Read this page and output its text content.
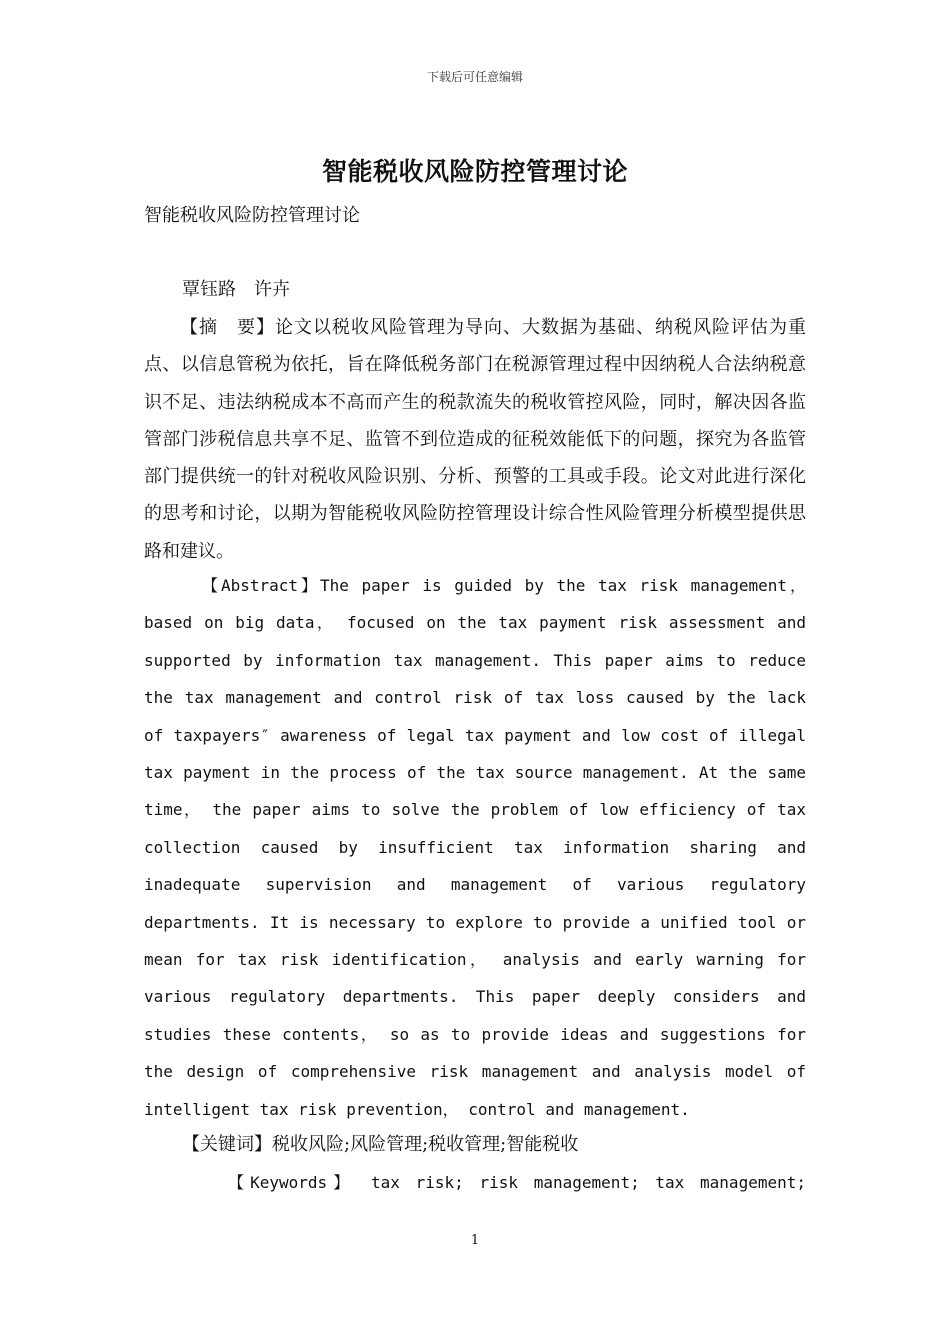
下载后可任意编辑
智能税收风险防控管理讨论
智能税收风险防控管理讨论
覃钰路　许卉
【摘　要】论文以税收风险管理为导向、大数据为基础、纳税风险评估为重点、以信息管税为依托，旨在降低税务部门在税源管理过程中因纳税人合法纳税意识不足、违法纳税成本不高而产生的税款流失的税收管控风险，同时，解决因各监管部门涉税信息共享不足、监管不到位造成的征税效能低下的问题，探究为各监管部门提供统一的针对税收风险识别、分析、预警的工具或手段。论文对此进行深化的思考和讨论，以期为智能税收风险防控管理设计综合性风险管理分析模型提供思路和建议。
【Abstract】The paper is guided by the tax risk management，based on big data， focused on the tax payment risk assessment and supported by information tax management. This paper aims to reduce the tax management and control risk of tax loss caused by the lack of taxpayers″ awareness of legal tax payment and low cost of illegal tax payment in the process of the tax source management. At the same time， the paper aims to solve the problem of low efficiency of tax collection caused by insufficient tax information sharing and inadequate supervision and management of various regulatory departments. It is necessary to explore to provide a unified tool or mean for tax risk identification， analysis and early warning for various regulatory departments. This paper deeply considers and studies these contents， so as to provide ideas and suggestions for the design of comprehensive risk management and analysis model of intelligent tax risk prevention， control and management.
【关键词】税收风险;风险管理;税收管理;智能税收
【Keywords】 tax risk; risk management; tax management;
1
